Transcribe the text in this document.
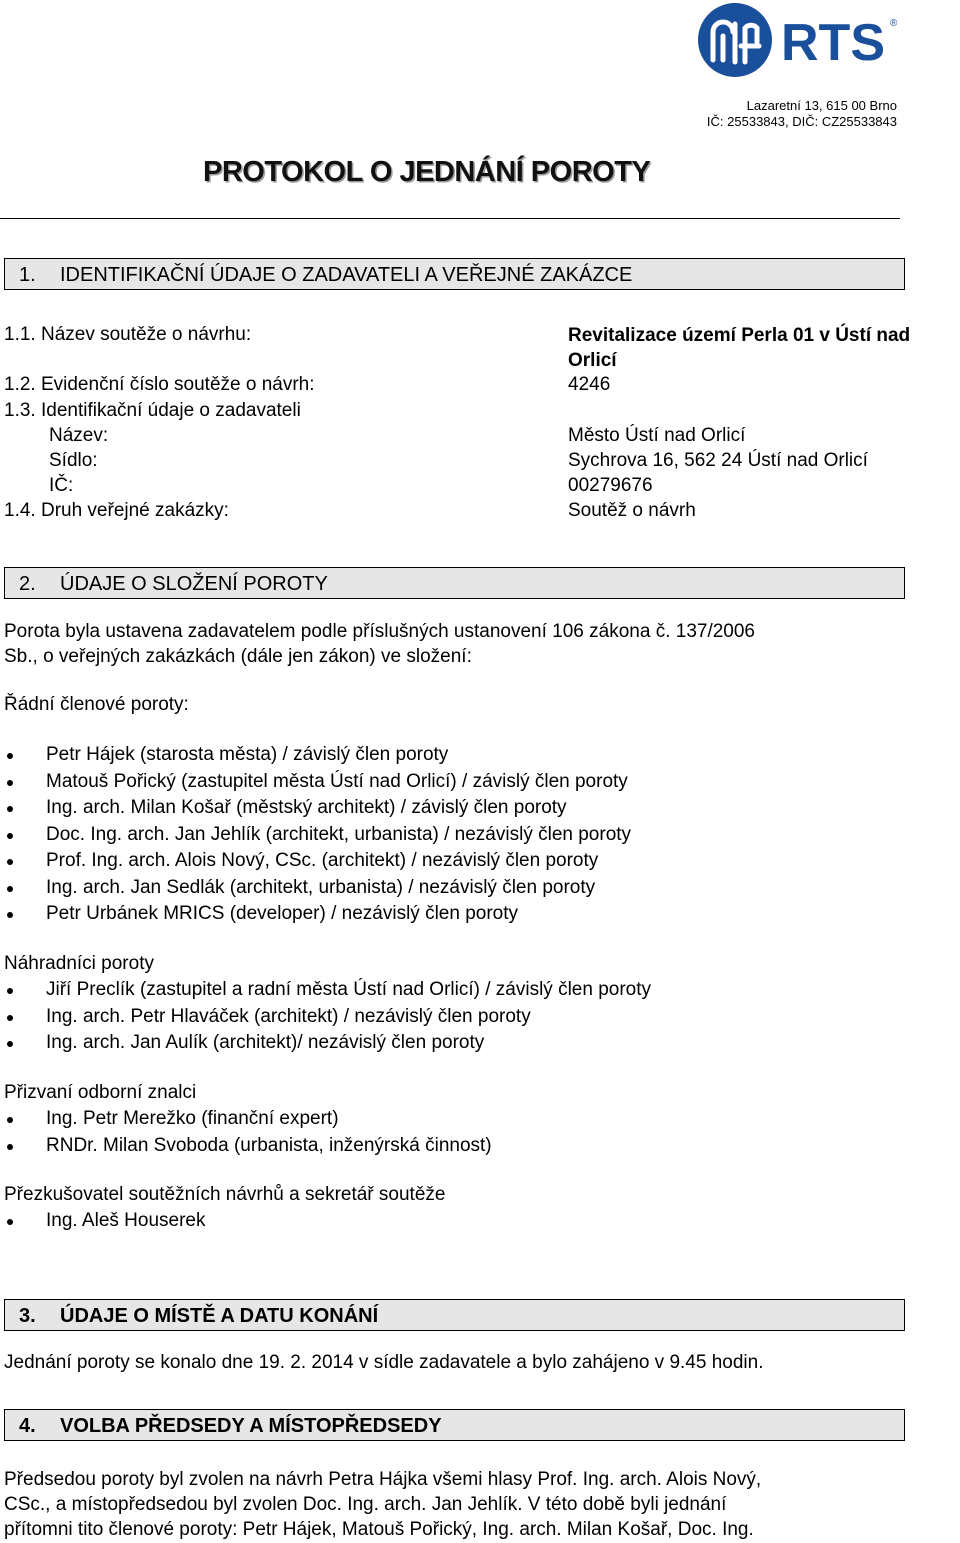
RTS ®
Lazaretní 13, 615 00 Brno
IČ: 25533843, DIČ: CZ25533843
PROTOKOL O JEDNÁNÍ POROTY
1. IDENTIFIKAČNÍ ÚDAJE O ZADAVATELI A VEŘEJNÉ ZAKÁZCE
1.1. Název soutěže o návrhu:	Revitalizace území Perla 01 v Ústí nad
Orlicí
1.2. Evidenční číslo soutěže o návrh:	4246
1.3. Identifikační údaje o zadavateli
Název:	Město Ústí nad Orlicí
Sídlo:	Sychrova 16, 562 24 Ústí nad Orlicí
IČ:	00279676
1.4. Druh veřejné zakázky:	Soutěž o návrh
2. ÚDAJE O SLOŽENÍ POROTY
Porota byla ustavena zadavatelem podle příslušných ustanovení 106 zákona č. 137/2006
Sb., o veřejných zakázkách (dále jen zákon) ve složení:
Řádní členové poroty:
Petr Hájek (starosta města) / závislý člen poroty
Matouš Pořický (zastupitel města Ústí nad Orlicí) / závislý člen poroty
Ing. arch. Milan Košař (městský architekt) / závislý člen poroty
Doc. Ing. arch. Jan Jehlík (architekt, urbanista) / nezávislý člen poroty
Prof. Ing. arch. Alois Nový, CSc. (architekt) / nezávislý člen poroty
Ing. arch. Jan Sedlák (architekt, urbanista) / nezávislý člen poroty
Petr Urbánek MRICS (developer) / nezávislý člen poroty
Náhradníci poroty
Jiří Preclík (zastupitel a radní města Ústí nad Orlicí) / závislý člen poroty
Ing. arch. Petr Hlaváček (architekt) / nezávislý člen poroty
Ing. arch. Jan Aulík (architekt)/ nezávislý člen poroty
Přizvaní odborní znalci
Ing. Petr Merežko (finanční expert)
RNDr. Milan Svoboda (urbanista, inženýrská činnost)
Přezkušovatel soutěžních návrhů a sekretář soutěže
Ing. Aleš Houserek
3. ÚDAJE O MÍSTĚ A DATU KONÁNÍ
Jednání poroty se konalo dne 19. 2. 2014 v sídle zadavatele a bylo zahájeno v 9.45 hodin.
4. VOLBA PŘEDSEDY A MÍSTOPŘEDSEDY
Předsedou poroty byl zvolen na návrh Petra Hájka všemi hlasy Prof. Ing. arch. Alois Nový,
CSc., a místopředsedou byl zvolen Doc. Ing. arch. Jan Jehlík. V této době byli jednání
přítomni tito členové poroty: Petr Hájek, Matouš Pořický, Ing. arch. Milan Košař, Doc. Ing.
